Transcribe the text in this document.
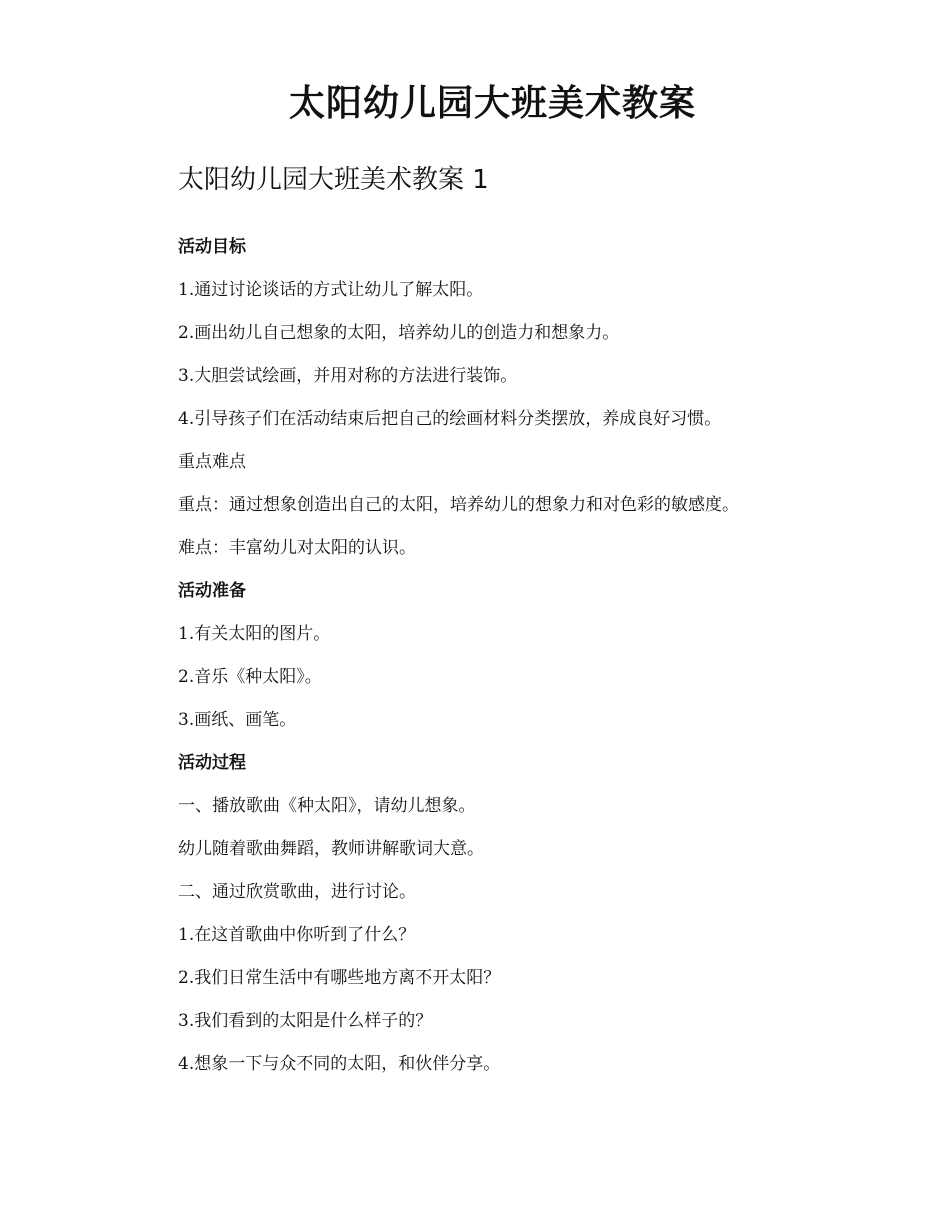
太阳幼儿园大班美术教案
太阳幼儿园大班美术教案 1

活动目标

1.通过讨论谈话的方式让幼儿了解太阳。

2.画出幼儿自己想象的太阳，培养幼儿的创造力和想象力。

3.大胆尝试绘画，并用对称的方法进行装饰。

4.引导孩子们在活动结束后把自己的绘画材料分类摆放，养成良好习惯。

重点难点

重点：通过想象创造出自己的太阳，培养幼儿的想象力和对色彩的敏感度。

难点：丰富幼儿对太阳的认识。

活动准备

1.有关太阳的图片。

2.音乐《种太阳》。

3.画纸、画笔。

活动过程

一、播放歌曲《种太阳》，请幼儿想象。

幼儿随着歌曲舞蹈，教师讲解歌词大意。

二、通过欣赏歌曲，进行讨论。

1.在这首歌曲中你听到了什么？

2.我们日常生活中有哪些地方离不开太阳？

3.我们看到的太阳是什么样子的？

4.想象一下与众不同的太阳，和伙伴分享。
